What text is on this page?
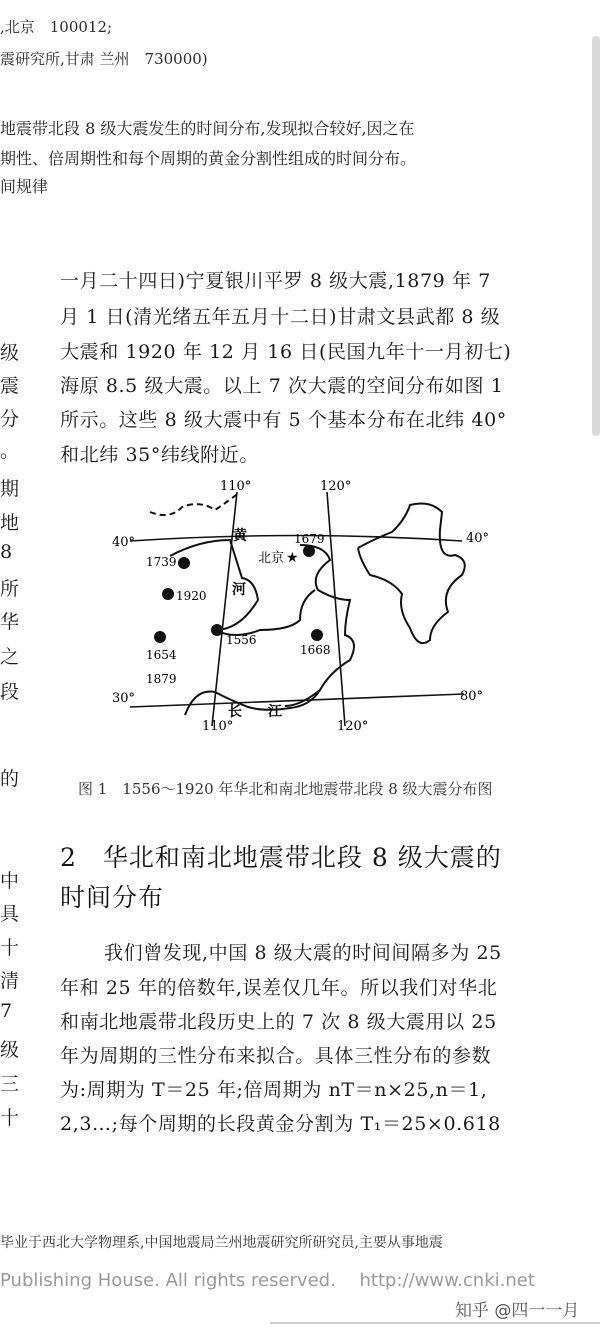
,北京　100012;
震研究所,甘肃 兰州　730000)
地震带北段 8 级大震发生的时间分布,发现拟合较好,因之在
期性、倍周期性和每个周期的黄金分割性组成的时间分布。
间规律
级
震
分
。
期
地
8
所
华
之
段
的
中
具
十
清
7
级
三
十
一月二十四日)宁夏银川平罗 8 级大震,1879 年 7
月 1 日(清光绪五年五月十二日)甘肃文县武都 8 级
大震和 1920 年 12 月 16 日(民国九年十一月初七)
海原 8.5 级大震。以上 7 次大震的空间分布如图 1
所示。这些 8 级大震中有 5 个基本分布在北纬 40°
和北纬 35°纬线附近。
110°	120°
110°	120°
40°	40°
30°	80°
北京 ★
黄
河
长 江
1679
1739
1920
1556
1654
1879
1668
图 1　1556～1920 年华北和南北地震带北段 8 级大震分布图
2　华北和南北地震带北段 8 级大震的
时间分布
我们曾发现,中国 8 级大震的时间间隔多为 25
年和 25 年的倍数年,误差仅几年。所以我们对华北
和南北地震带北段历史上的 7 次 8 级大震用以 25
年为周期的三性分布来拟合。具体三性分布的参数
为:周期为 T＝25 年;倍周期为 nT＝n×25,n＝1,
2,3…;每个周期的长段黄金分割为 T₁＝25×0.618
毕业于西北大学物理系,中国地震局兰州地震研究所研究员,主要从事地震
Publishing House. All rights reserved.　 http://www.cnki.net
知乎 @四一一月
